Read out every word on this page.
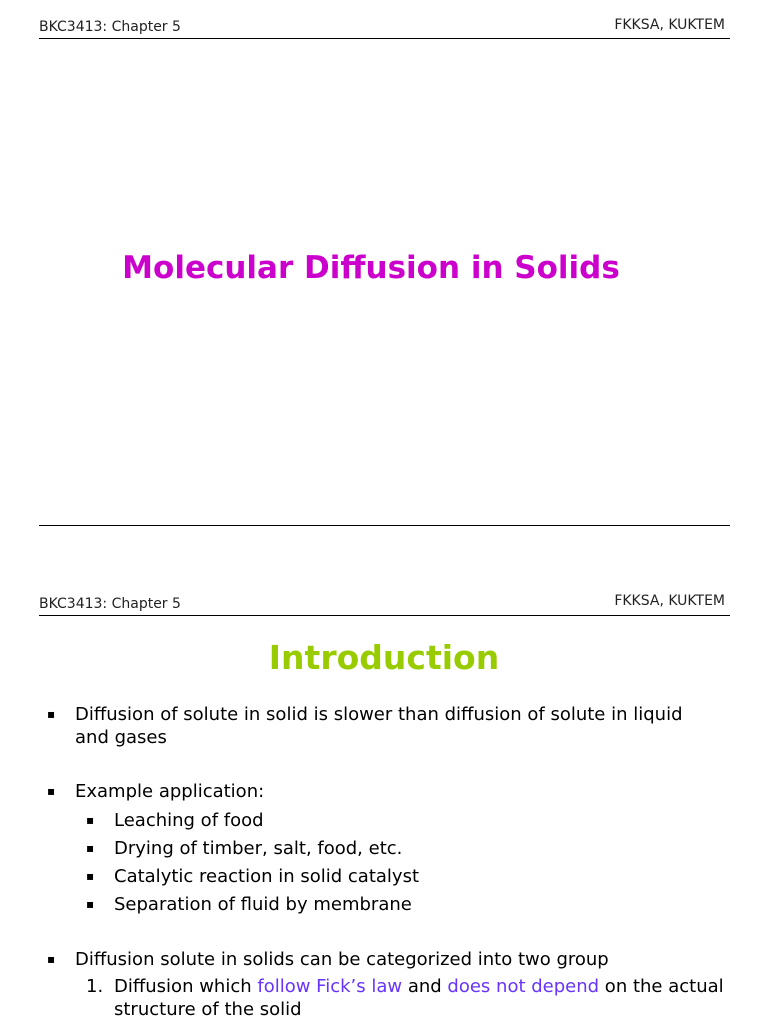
BKC3413: Chapter 5	FKKSA, KUKTEM
Molecular Diffusion in Solids
BKC3413: Chapter 5	FKKSA, KUKTEM
Introduction
▪ Diffusion of solute in solid is slower than diffusion of solute in liquid and gases
▪ Example application:
▪ Leaching of food
▪ Drying of timber, salt, food, etc.
▪ Catalytic reaction in solid catalyst
▪ Separation of fluid by membrane
▪ Diffusion solute in solids can be categorized into two group
1. Diffusion which follow Fick’s law and does not depend on the actual structure of the solid
